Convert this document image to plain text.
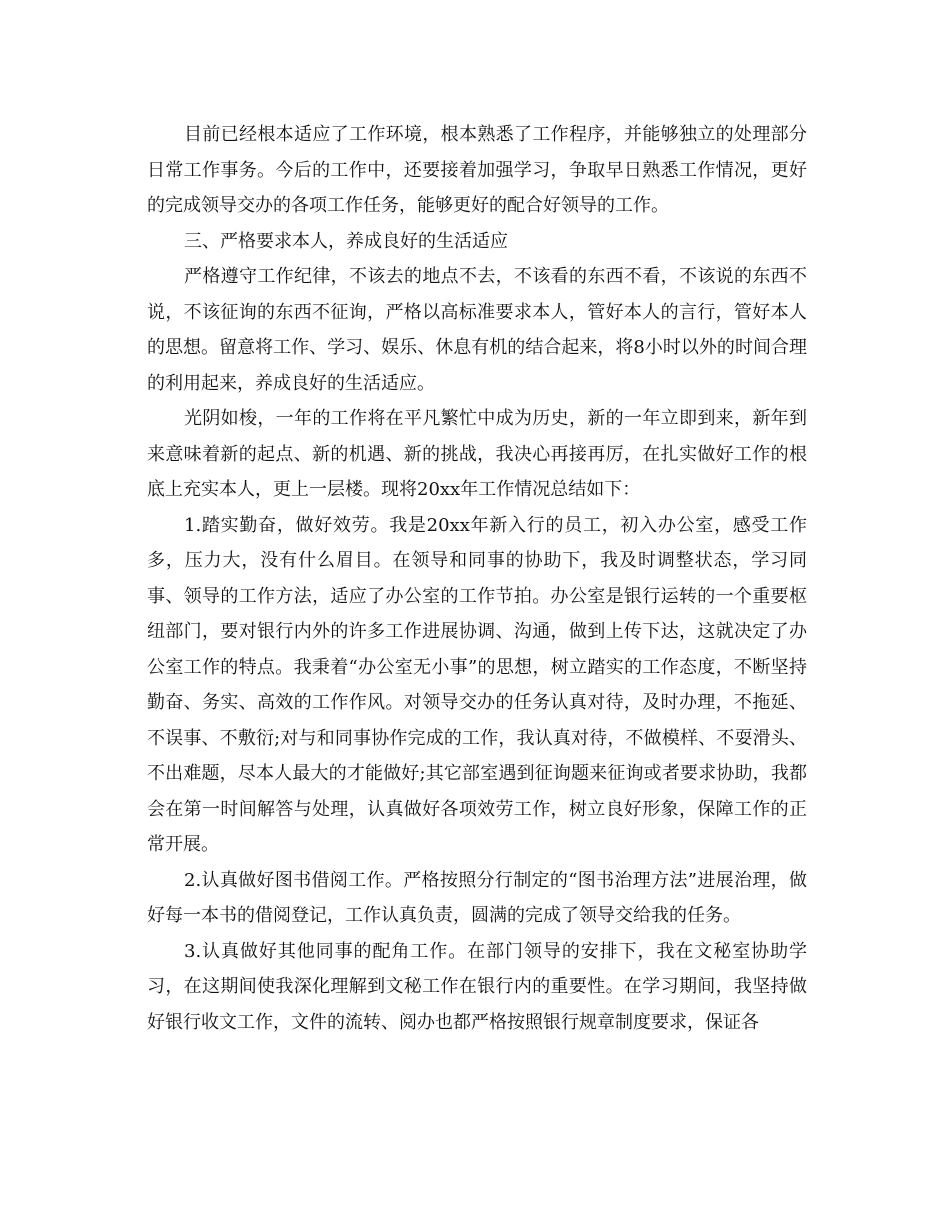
目前已经根本适应了工作环境，根本熟悉了工作程序，并能够独立的处理部分日常工作事务。今后的工作中，还要接着加强学习，争取早日熟悉工作情况，更好的完成领导交办的各项工作任务，能够更好的配合好领导的工作。

三、严格要求本人，养成良好的生活适应

严格遵守工作纪律，不该去的地点不去，不该看的东西不看，不该说的东西不说，不该征询的东西不征询，严格以高标准要求本人，管好本人的言行，管好本人的思想。留意将工作、学习、娱乐、休息有机的结合起来，将8小时以外的时间合理的利用起来，养成良好的生活适应。

光阴如梭，一年的工作将在平凡繁忙中成为历史，新的一年立即到来，新年到来意味着新的起点、新的机遇、新的挑战，我决心再接再厉，在扎实做好工作的根底上充实本人，更上一层楼。现将20xx年工作情况总结如下：

1.踏实勤奋，做好效劳。我是20xx年新入行的员工，初入办公室，感受工作多，压力大，没有什么眉目。在领导和同事的协助下，我及时调整状态，学习同事、领导的工作方法，适应了办公室的工作节拍。办公室是银行运转的一个重要枢纽部门，要对银行内外的许多工作进展协调、沟通，做到上传下达，这就决定了办公室工作的特点。我秉着“办公室无小事”的思想，树立踏实的工作态度，不断坚持勤奋、务实、高效的工作作风。对领导交办的任务认真对待，及时办理，不拖延、不误事、不敷衍;对与和同事协作完成的工作，我认真对待，不做模样、不耍滑头、不出难题，尽本人最大的才能做好;其它部室遇到征询题来征询或者要求协助，我都会在第一时间解答与处理，认真做好各项效劳工作，树立良好形象，保障工作的正常开展。

2.认真做好图书借阅工作。严格按照分行制定的“图书治理方法”进展治理，做好每一本书的借阅登记，工作认真负责，圆满的完成了领导交给我的任务。

3.认真做好其他同事的配角工作。在部门领导的安排下，我在文秘室协助学习，在这期间使我深化理解到文秘工作在银行内的重要性。在学习期间，我坚持做好银行收文工作，文件的流转、阅办也都严格按照银行规章制度要求，保证各
